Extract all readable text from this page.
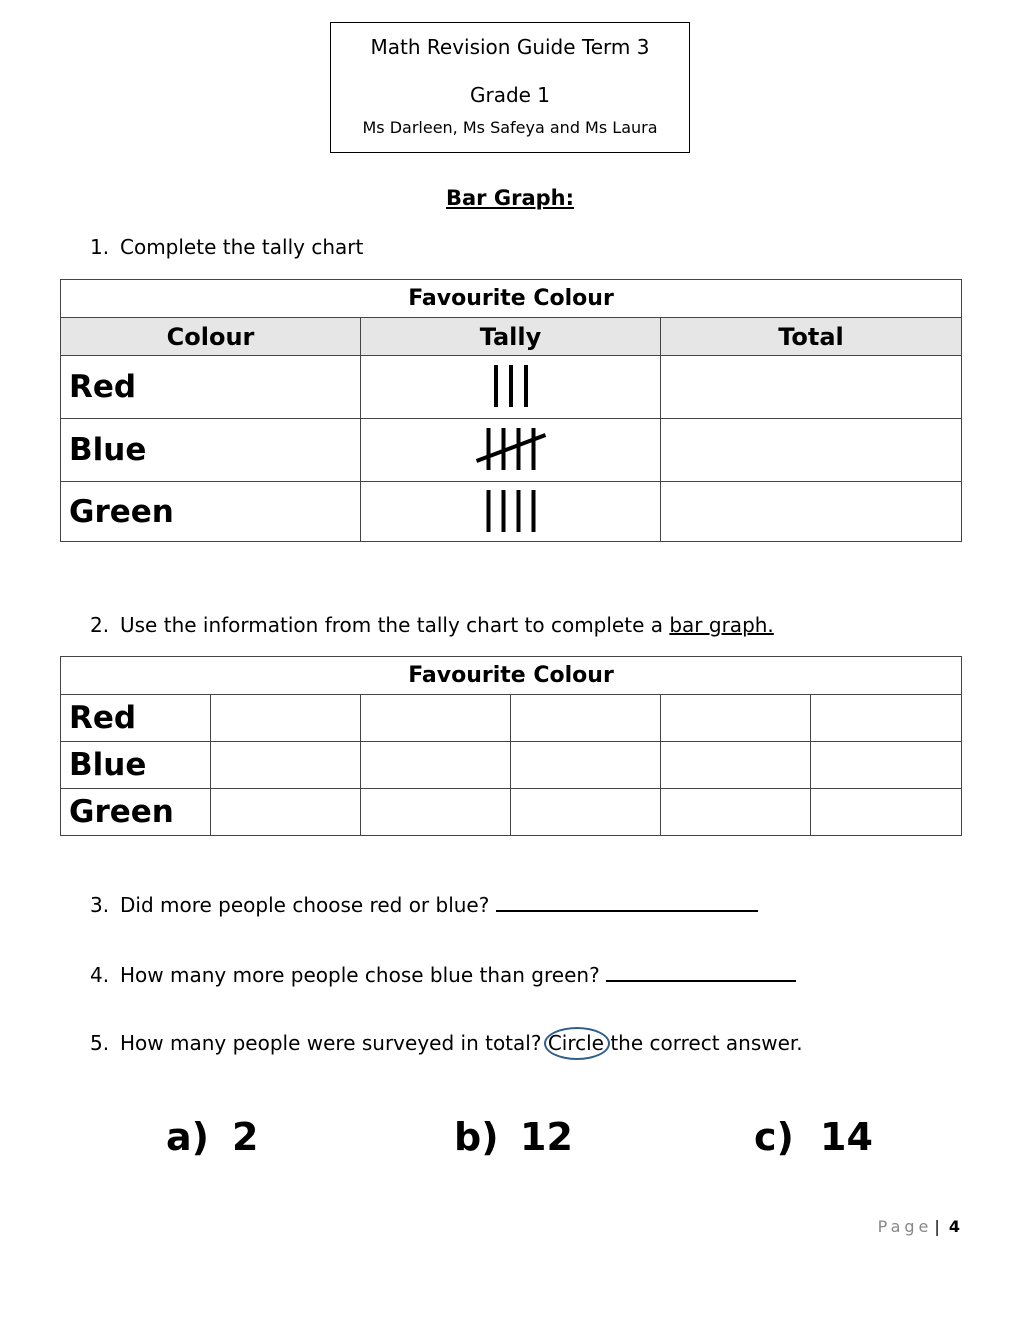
Math Revision Guide Term 3
Grade 1
Ms Darleen, Ms Safeya and Ms Laura
Bar Graph:
1. Complete the tally chart
Favourite Colour		
Colour	Tally	Total
Red		
Blue		
Green		
2. Use the information from the tally chart to complete a bar graph.
Favourite Colour					
Red					
Blue					
Green					
3. Did more people choose red or blue?
4. How many more people chose blue than green?
5. How many people were surveyed in total? Circle the correct answer.
a) 2	b) 12	c) 14
Page | 4
